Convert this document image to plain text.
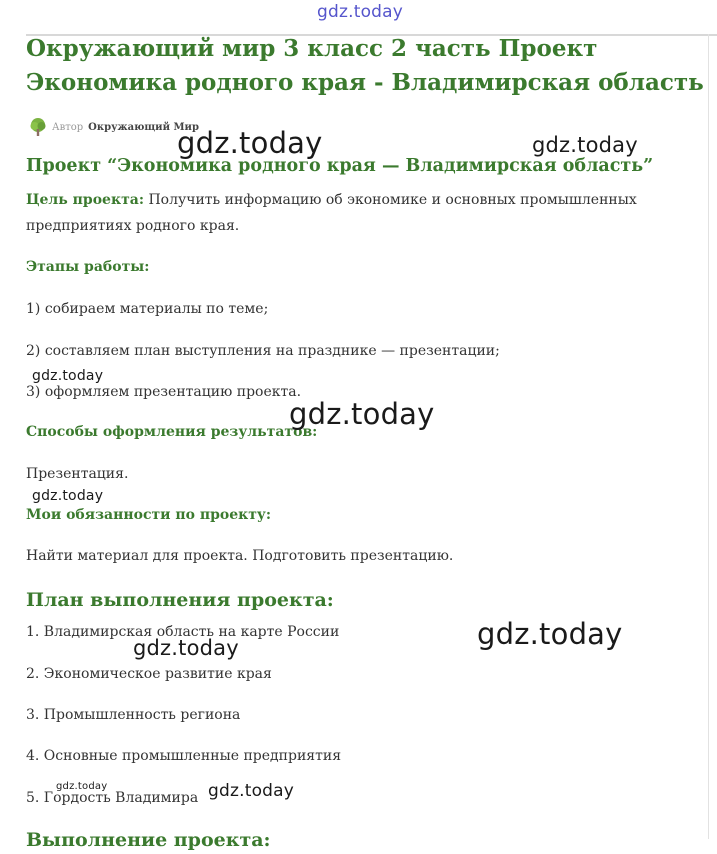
gdz.today
Окружающий мир 3 класс 2 часть Проект
Экономика родного края - Владимирская область
Автор Окружающий Мир
Проект “Экономика родного края — Владимирская область”
Цель проекта: Получить информацию об экономике и основных промышленных
предприятиях родного края.
Этапы работы:
1) собираем материалы по теме;
2) составляем план выступления на празднике — презентации;
3) оформляем презентацию проекта.
Способы оформления результатов:
Презентация.
Мои обязанности по проекту:
Найти материал для проекта. Подготовить презентацию.
План выполнения проекта:
1. Владимирская область на карте России
2. Экономическое развитие края
3. Промышленность региона
4. Основные промышленные предприятия
5. Гордость Владимира
Выполнение проекта:
gdz.today	gdz.today
gdz.today
gdz.today
gdz.today
gdz.today
gdz.today
gdz.today	gdz.today
